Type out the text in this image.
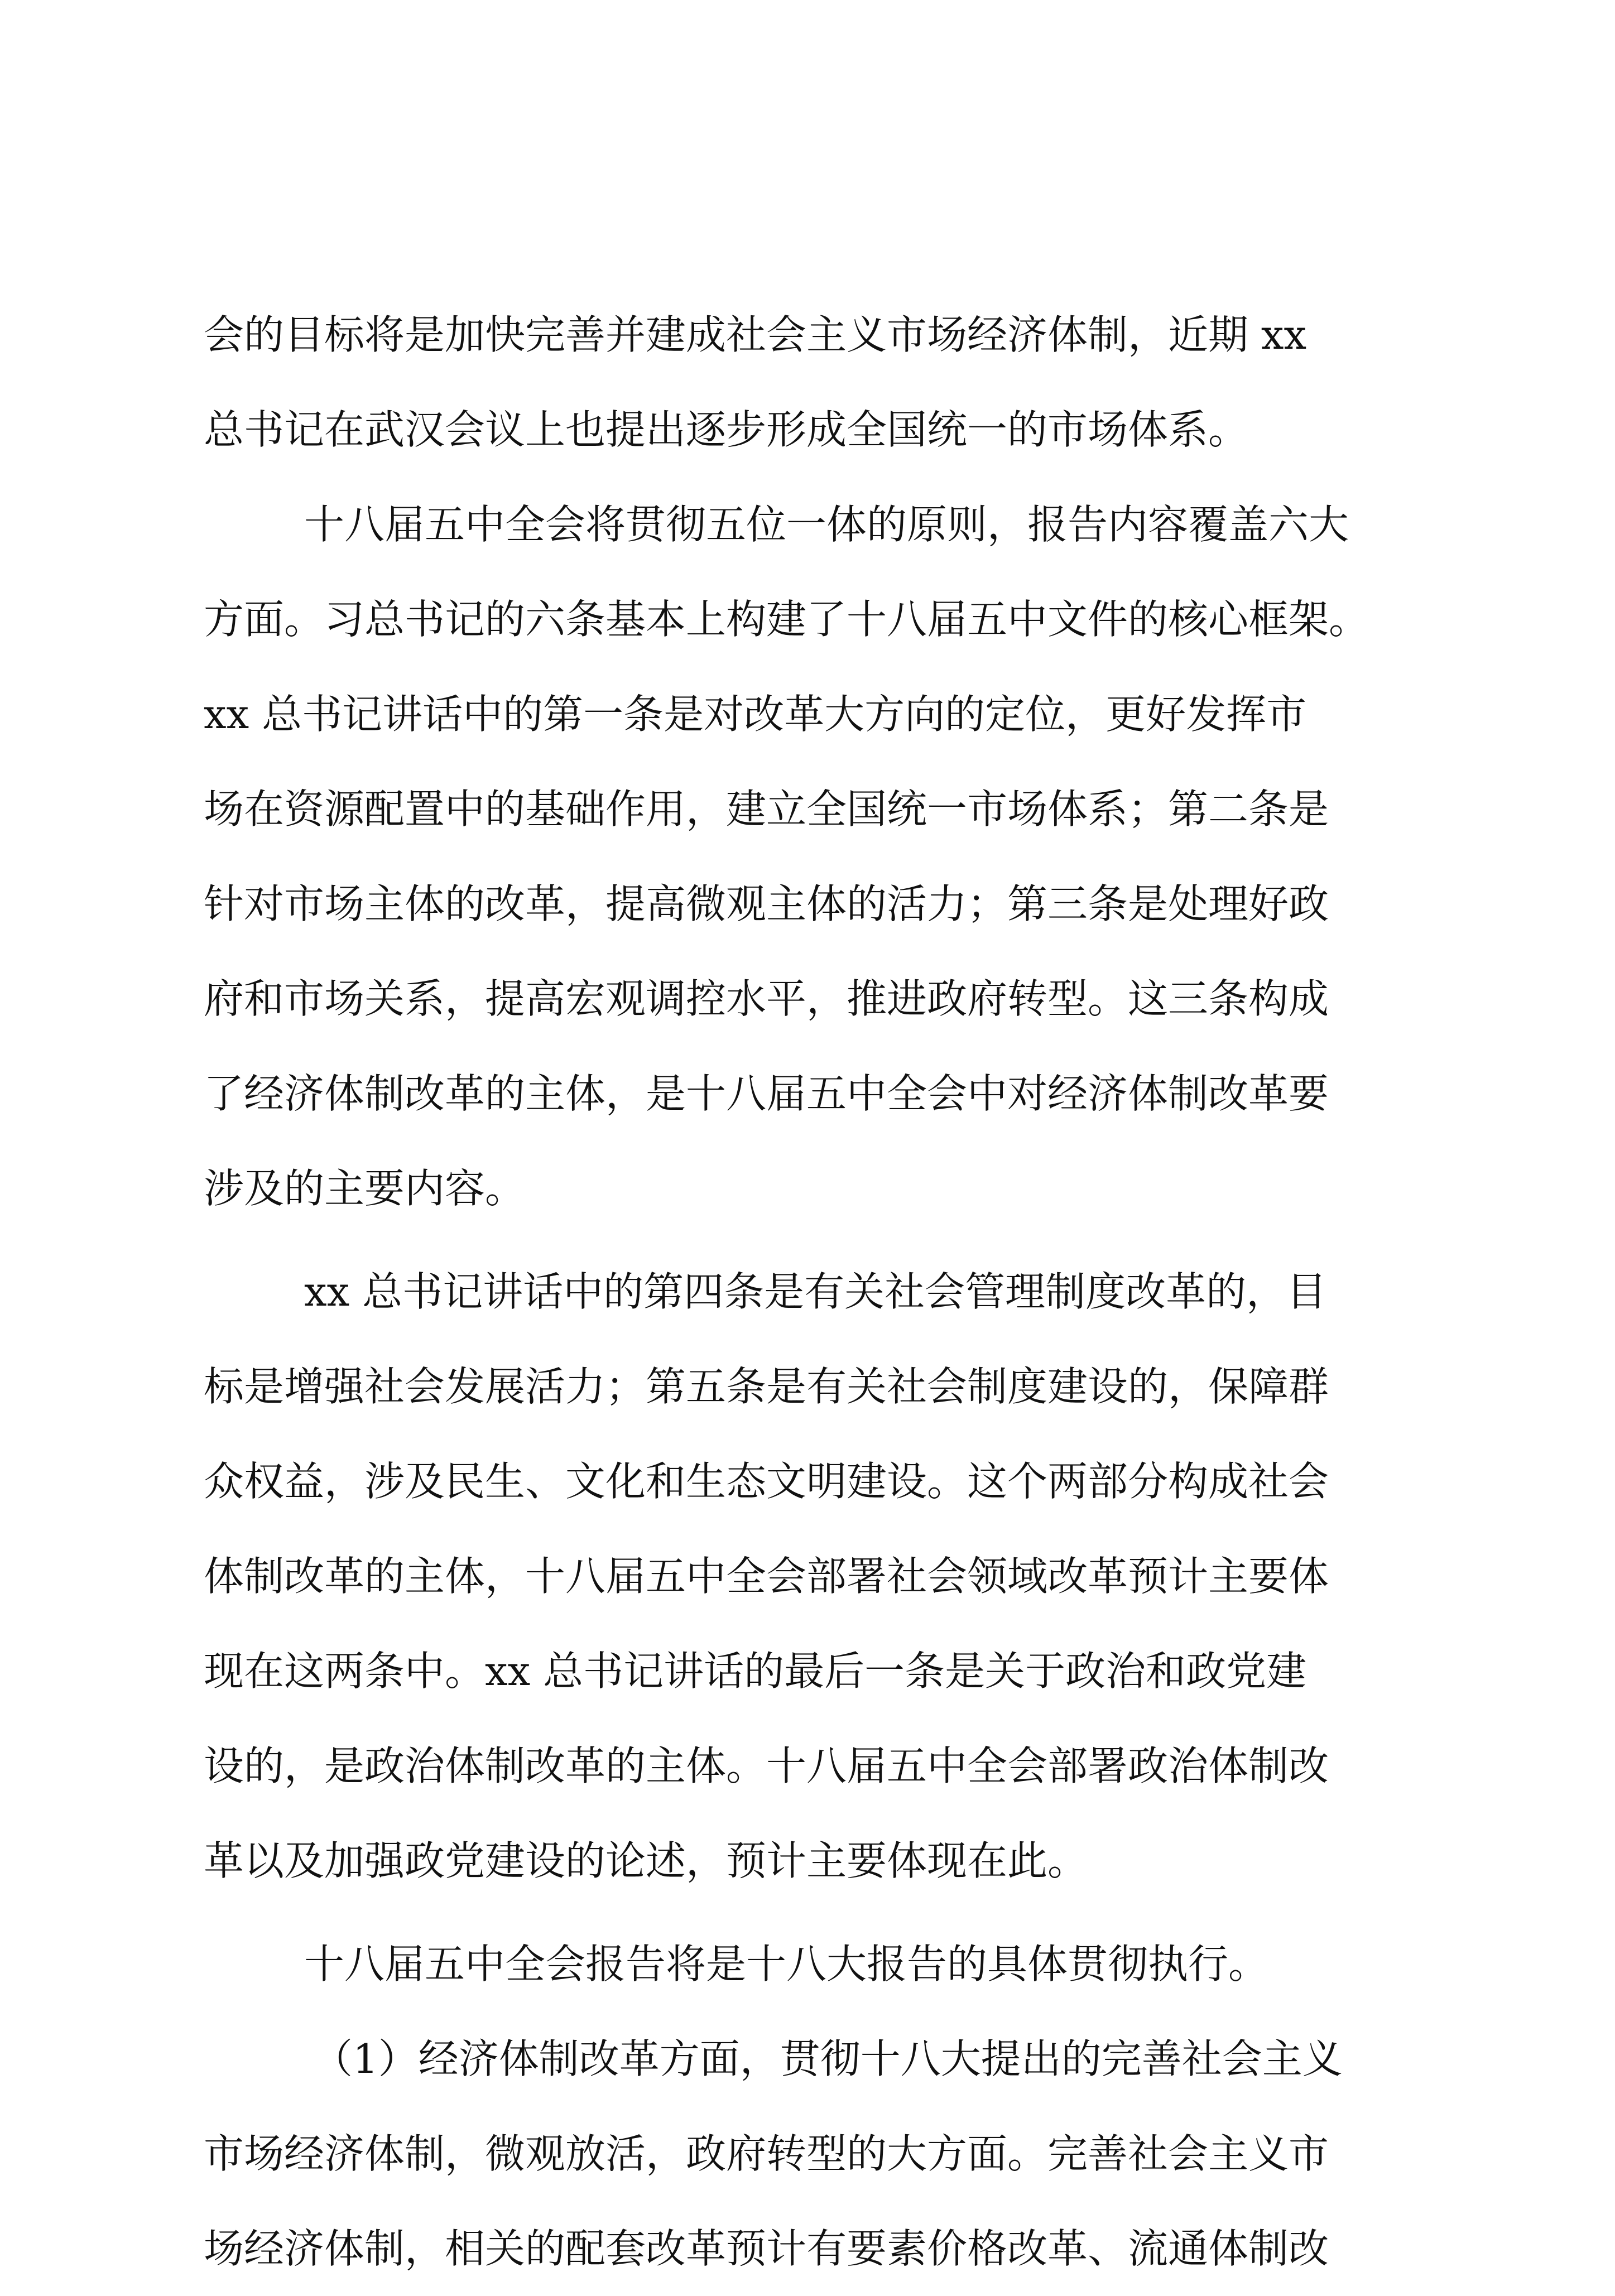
会的目标将是加快完善并建成社会主义市场经济体制，近期 xx
总书记在武汉会议上也提出逐步形成全国统一的市场体系。
十八届五中全会将贯彻五位一体的原则，报告内容覆盖六大
方面。习总书记的六条基本上构建了十八届五中文件的核心框架。
xx 总书记讲话中的第一条是对改革大方向的定位，更好发挥市
场在资源配置中的基础作用，建立全国统一市场体系；第二条是
针对市场主体的改革，提高微观主体的活力；第三条是处理好政
府和市场关系，提高宏观调控水平，推进政府转型。这三条构成
了经济体制改革的主体，是十八届五中全会中对经济体制改革要
涉及的主要内容。
xx 总书记讲话中的第四条是有关社会管理制度改革的，目
标是增强社会发展活力；第五条是有关社会制度建设的，保障群
众权益，涉及民生、文化和生态文明建设。这个两部分构成社会
体制改革的主体，十八届五中全会部署社会领域改革预计主要体
现在这两条中。xx 总书记讲话的最后一条是关于政治和政党建
设的，是政治体制改革的主体。十八届五中全会部署政治体制改
革以及加强政党建设的论述，预计主要体现在此。
十八届五中全会报告将是十八大报告的具体贯彻执行。
（1）经济体制改革方面，贯彻十八大提出的完善社会主义
市场经济体制，微观放活，政府转型的大方面。完善社会主义市
场经济体制，相关的配套改革预计有要素价格改革、流通体制改
